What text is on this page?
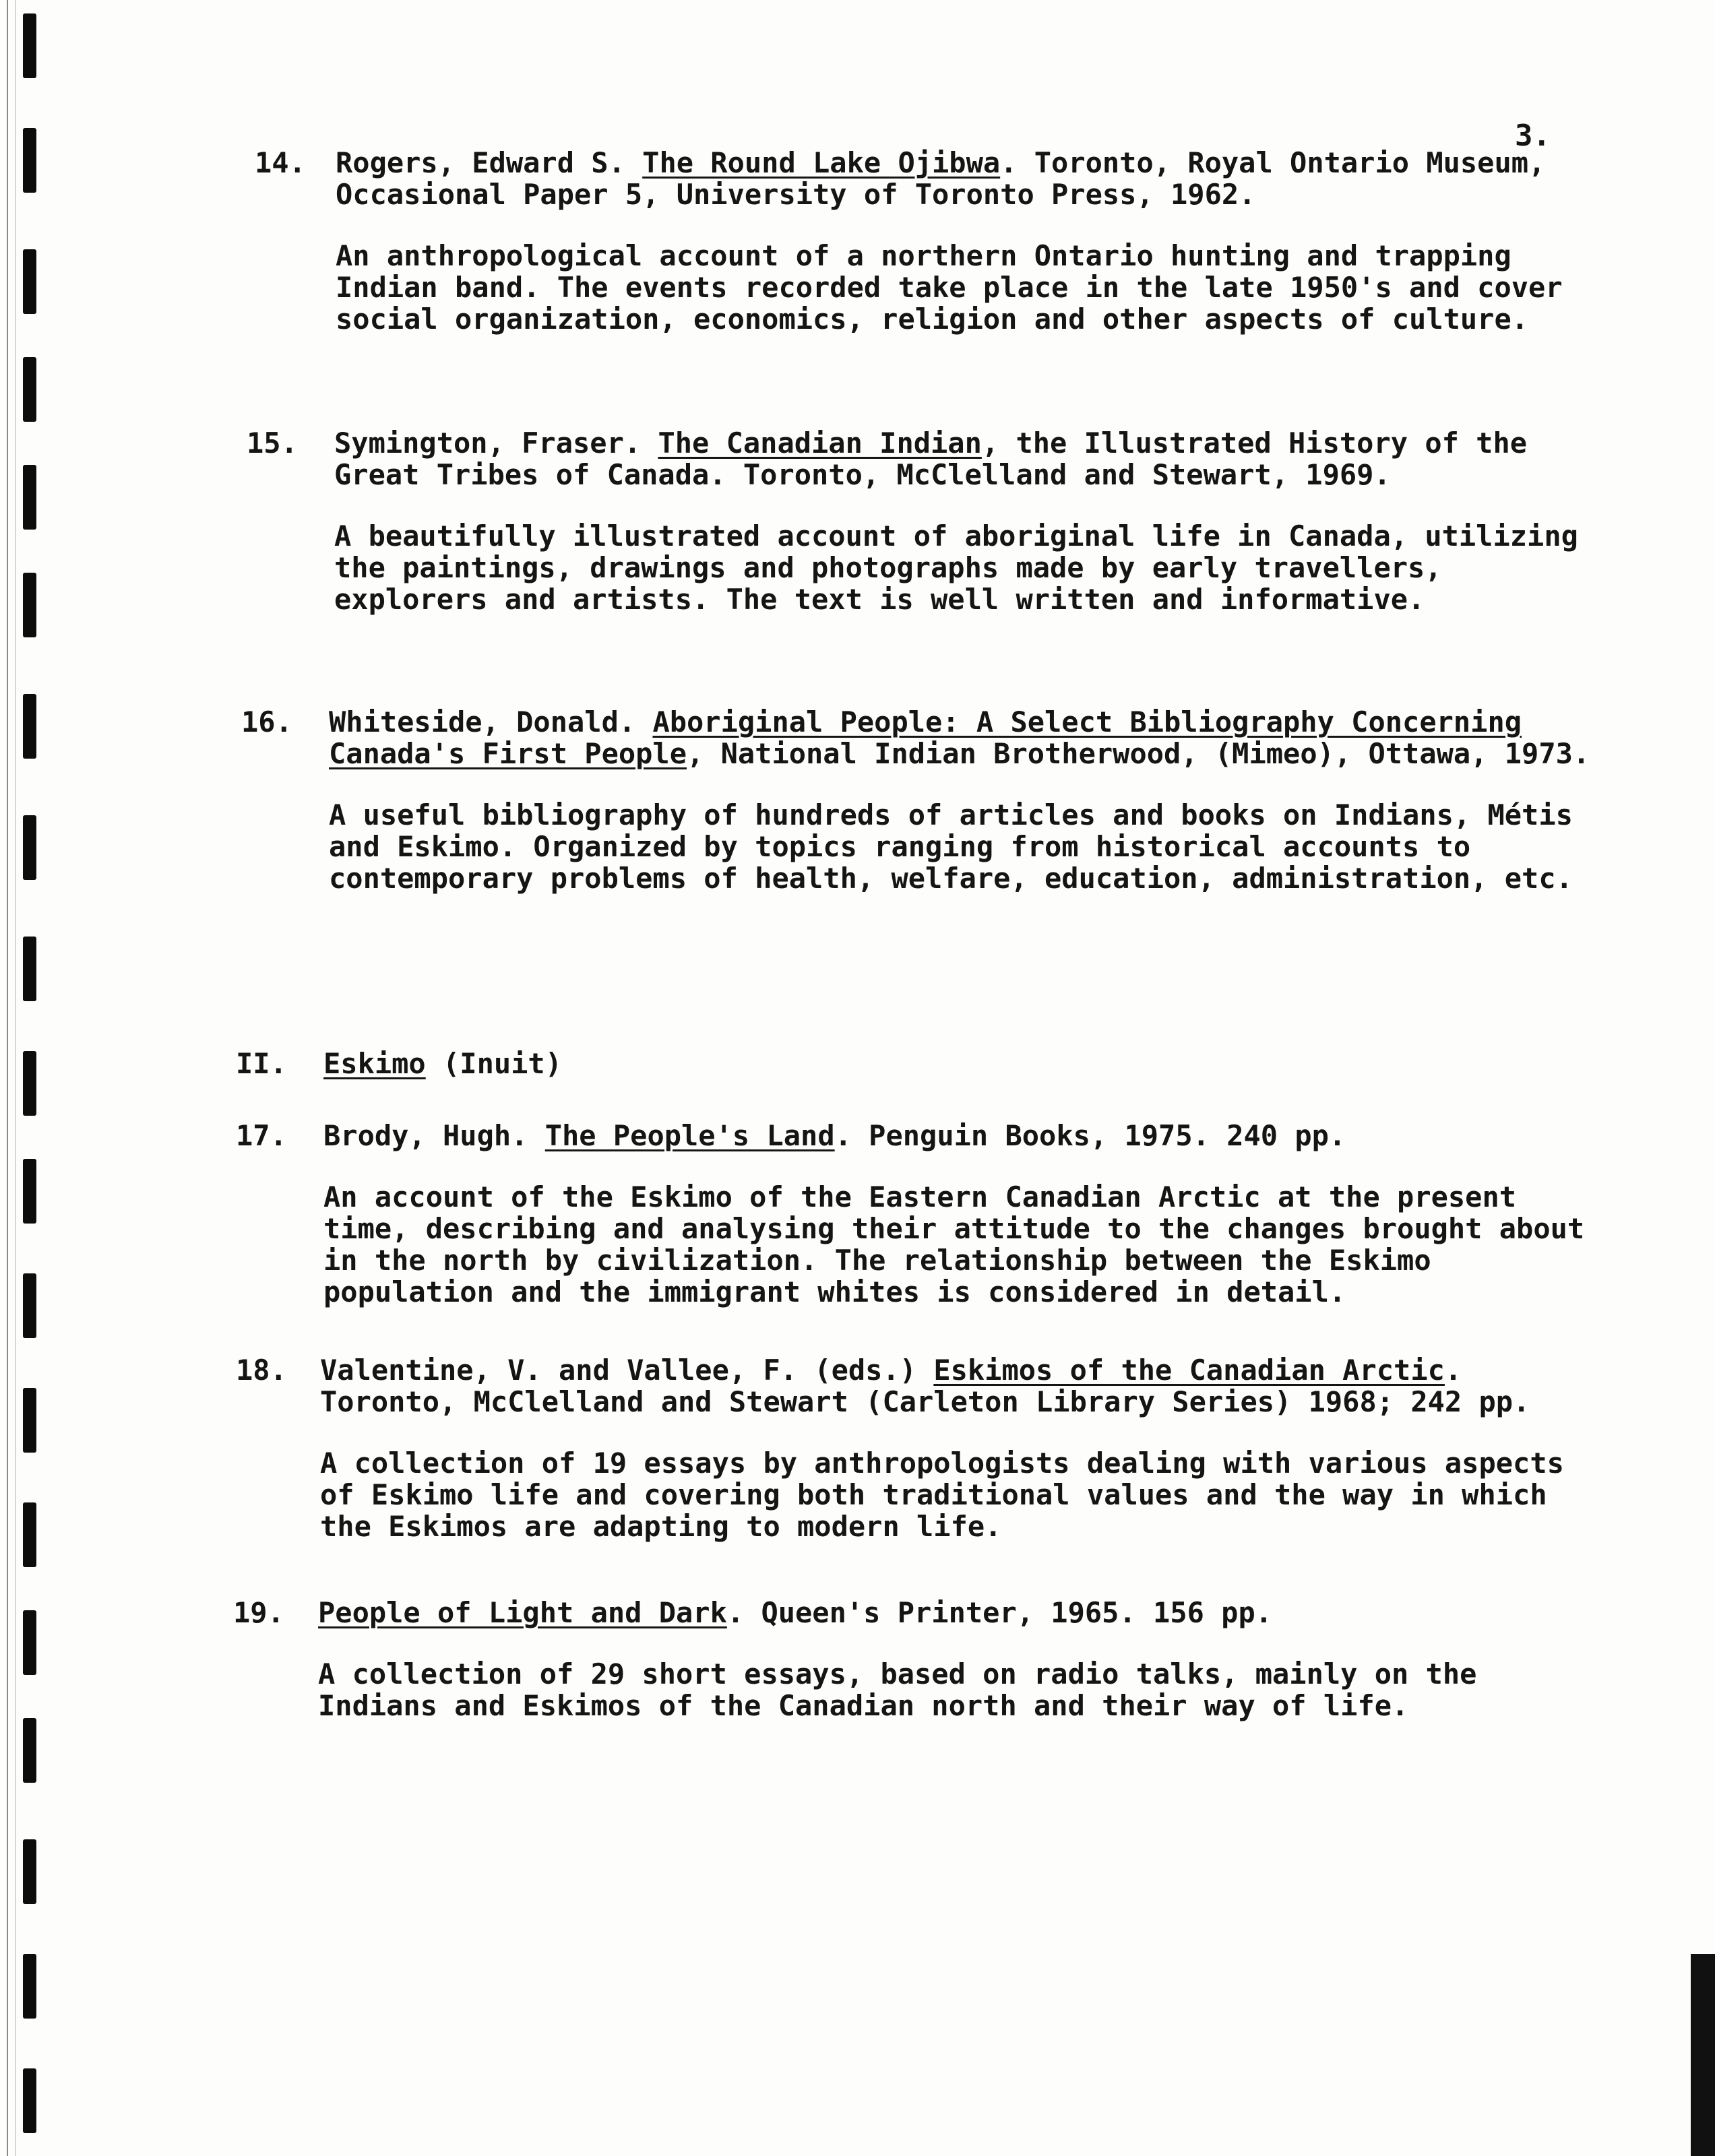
3.
14.	Rogers, Edward S. The Round Lake Ojibwa. Toronto, Royal Ontario Museum, Occasional Paper 5, University of Toronto Press, 1962.
An anthropological account of a northern Ontario hunting and trapping Indian band. The events recorded take place in the late 1950's and cover social organization, economics, religion and other aspects of culture.
15.	Symington, Fraser. The Canadian Indian, the Illustrated History of the Great Tribes of Canada. Toronto, McClelland and Stewart, 1969.
A beautifully illustrated account of aboriginal life in Canada, utilizing the paintings, drawings and photographs made by early travellers, explorers and artists. The text is well written and informative.
16.	Whiteside, Donald. Aboriginal People: A Select Bibliography Concerning Canada's First People, National Indian Brotherwood, (Mimeo), Ottawa, 1973.
A useful bibliography of hundreds of articles and books on Indians, Métis and Eskimo. Organized by topics ranging from historical accounts to contemporary problems of health, welfare, education, administration, etc.
II. Eskimo (Inuit)
17.	Brody, Hugh. The People's Land. Penguin Books, 1975. 240 pp.
An account of the Eskimo of the Eastern Canadian Arctic at the present time, describing and analysing their attitude to the changes brought about in the north by civilization. The relationship between the Eskimo population and the immigrant whites is considered in detail.
18.	Valentine, V. and Vallee, F. (eds.) Eskimos of the Canadian Arctic. Toronto, McClelland and Stewart (Carleton Library Series) 1968; 242 pp.
A collection of 19 essays by anthropologists dealing with various aspects of Eskimo life and covering both traditional values and the way in which the Eskimos are adapting to modern life.
19.	People of Light and Dark. Queen's Printer, 1965. 156 pp.
A collection of 29 short essays, based on radio talks, mainly on the Indians and Eskimos of the Canadian north and their way of life.
